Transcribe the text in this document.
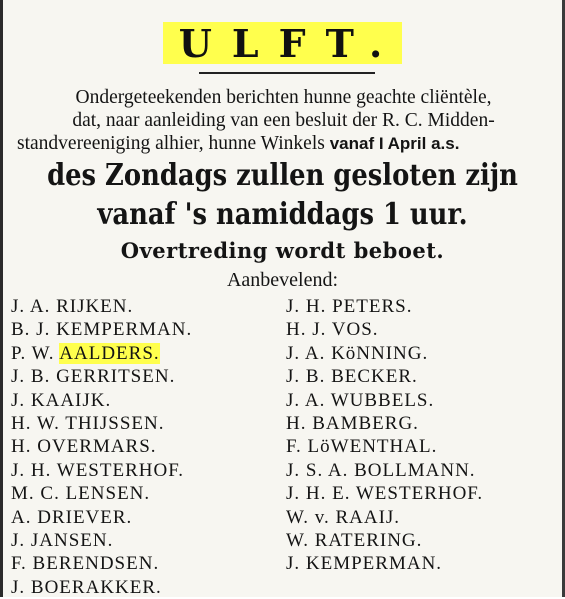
ULFT.
Ondergeteekenden berichten hunne geachte cliëntèle,
dat, naar aanleiding van een besluit der R. C. Midden-
standvereeniging alhier, hunne Winkels vanaf I April a.s.
des Zondags zullen gesloten zijn
vanaf 's namiddags 1 uur.
Overtreding wordt beboet.
Aanbevelend:
J. A. RIJKEN.
B. J. KEMPERMAN.
P. W. AALDERS.
J. B. GERRITSEN.
J. KAAIJK.
H. W. THIJSSEN.
H. OVERMARS.
J. H. WESTERHOF.
M. C. LENSEN.
A. DRIEVER.
J. JANSEN.
F. BERENDSEN.
J. BOERAKKER.
J. H. PETERS.
H. J. VOS.
J. A. KöNNING.
J. B. BECKER.
J. A. WUBBELS.
H. BAMBERG.
F. LöWENTHAL.
J. S. A. BOLLMANN.
J. H. E. WESTERHOF.
W. v. RAAIJ.
W. RATERING.
J. KEMPERMAN.
